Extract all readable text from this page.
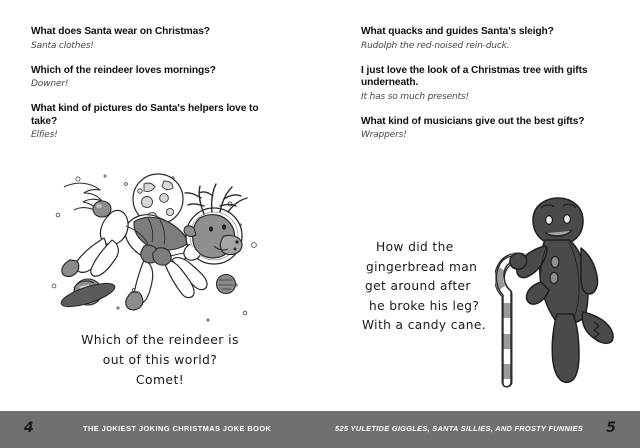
What does Santa wear on Christmas?
Santa clothes!
Which of the reindeer loves mornings?
Downer!
What kind of pictures do Santa's helpers love to take?
Elfies!
Which of the reindeer is
out of this world?
Comet!
What quacks and guides Santa's sleigh?
Rudolph the red-noised rein-duck.
I just love the look of a Christmas tree with gifts underneath.
It has so much presents!
What kind of musicians give out the best gifts?
Wrappers!
How did the
gingerbread man
get around after
he broke his leg?
With a candy cane.
4	THE JOKIEST JOKING CHRISTMAS JOKE BOOK	525 YULETIDE GIGGLES, SANTA SILLIES, AND FROSTY FUNNIES 5
